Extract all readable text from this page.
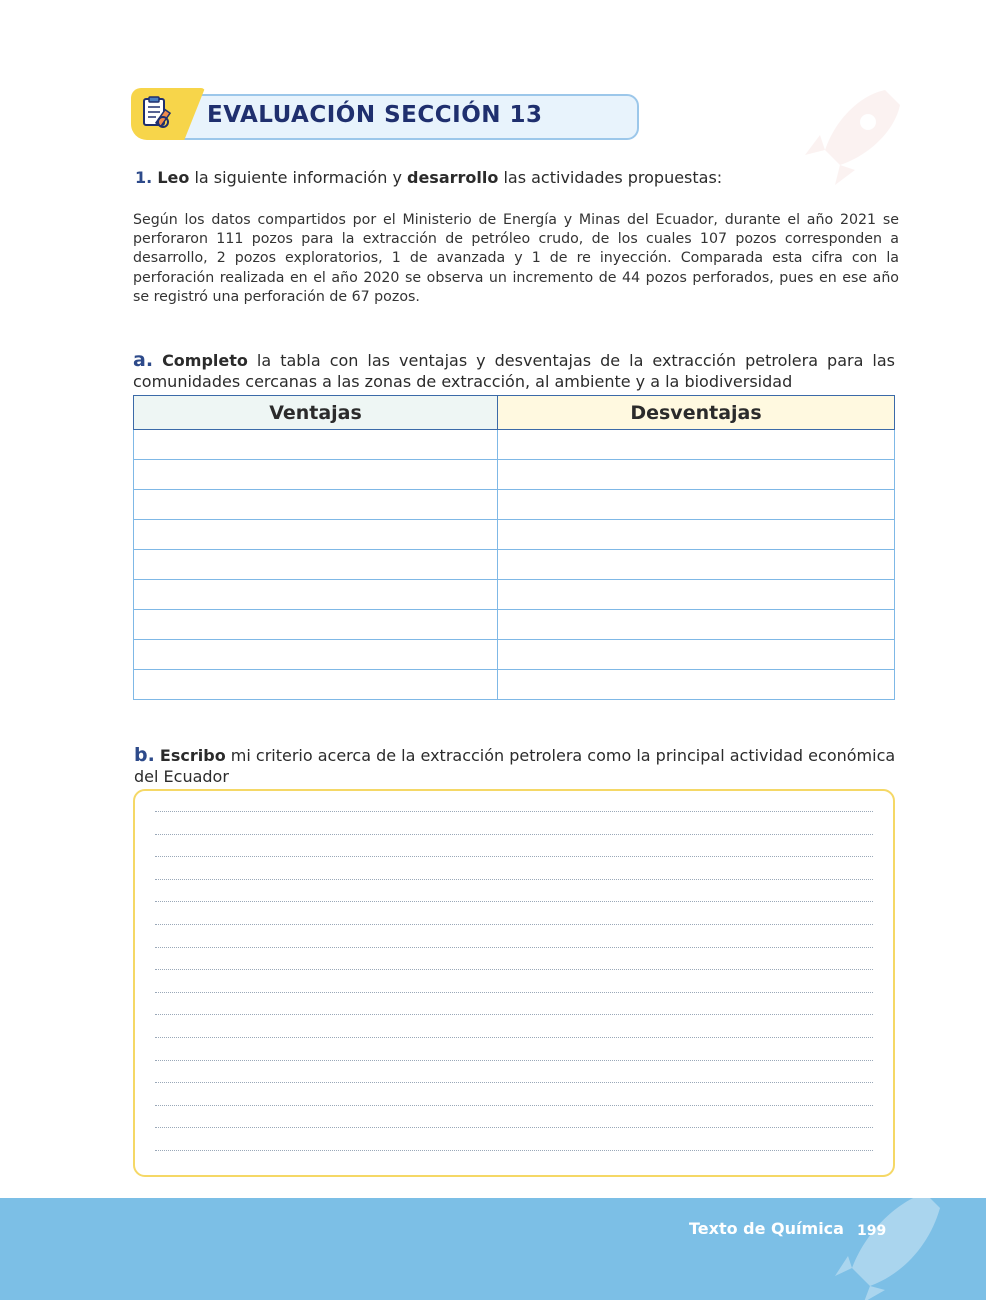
EVALUACIÓN SECCIÓN 13
1. Leo la siguiente información y desarrollo las actividades propuestas:
Según los datos compartidos por el Ministerio de Energía y Minas del Ecuador, durante el año 2021 se perforaron 111 pozos para la extracción de petróleo crudo, de los cuales 107 pozos corresponden a desarrollo, 2 pozos exploratorios, 1 de avanzada y 1 de re inyección. Comparada esta cifra con la perforación realizada en el año 2020 se observa un incremento de 44 pozos perforados, pues en ese año se registró una perforación de 67 pozos.
a. Completo la tabla con las ventajas y desventajas de la extracción petrolera para las comunidades cercanas a las zonas de extracción, al ambiente y a la biodiversidad
Ventajas	Desventajas

b. Escribo mi criterio acerca de la extracción petrolera como la principal actividad económica del Ecuador
Texto de Química 199
